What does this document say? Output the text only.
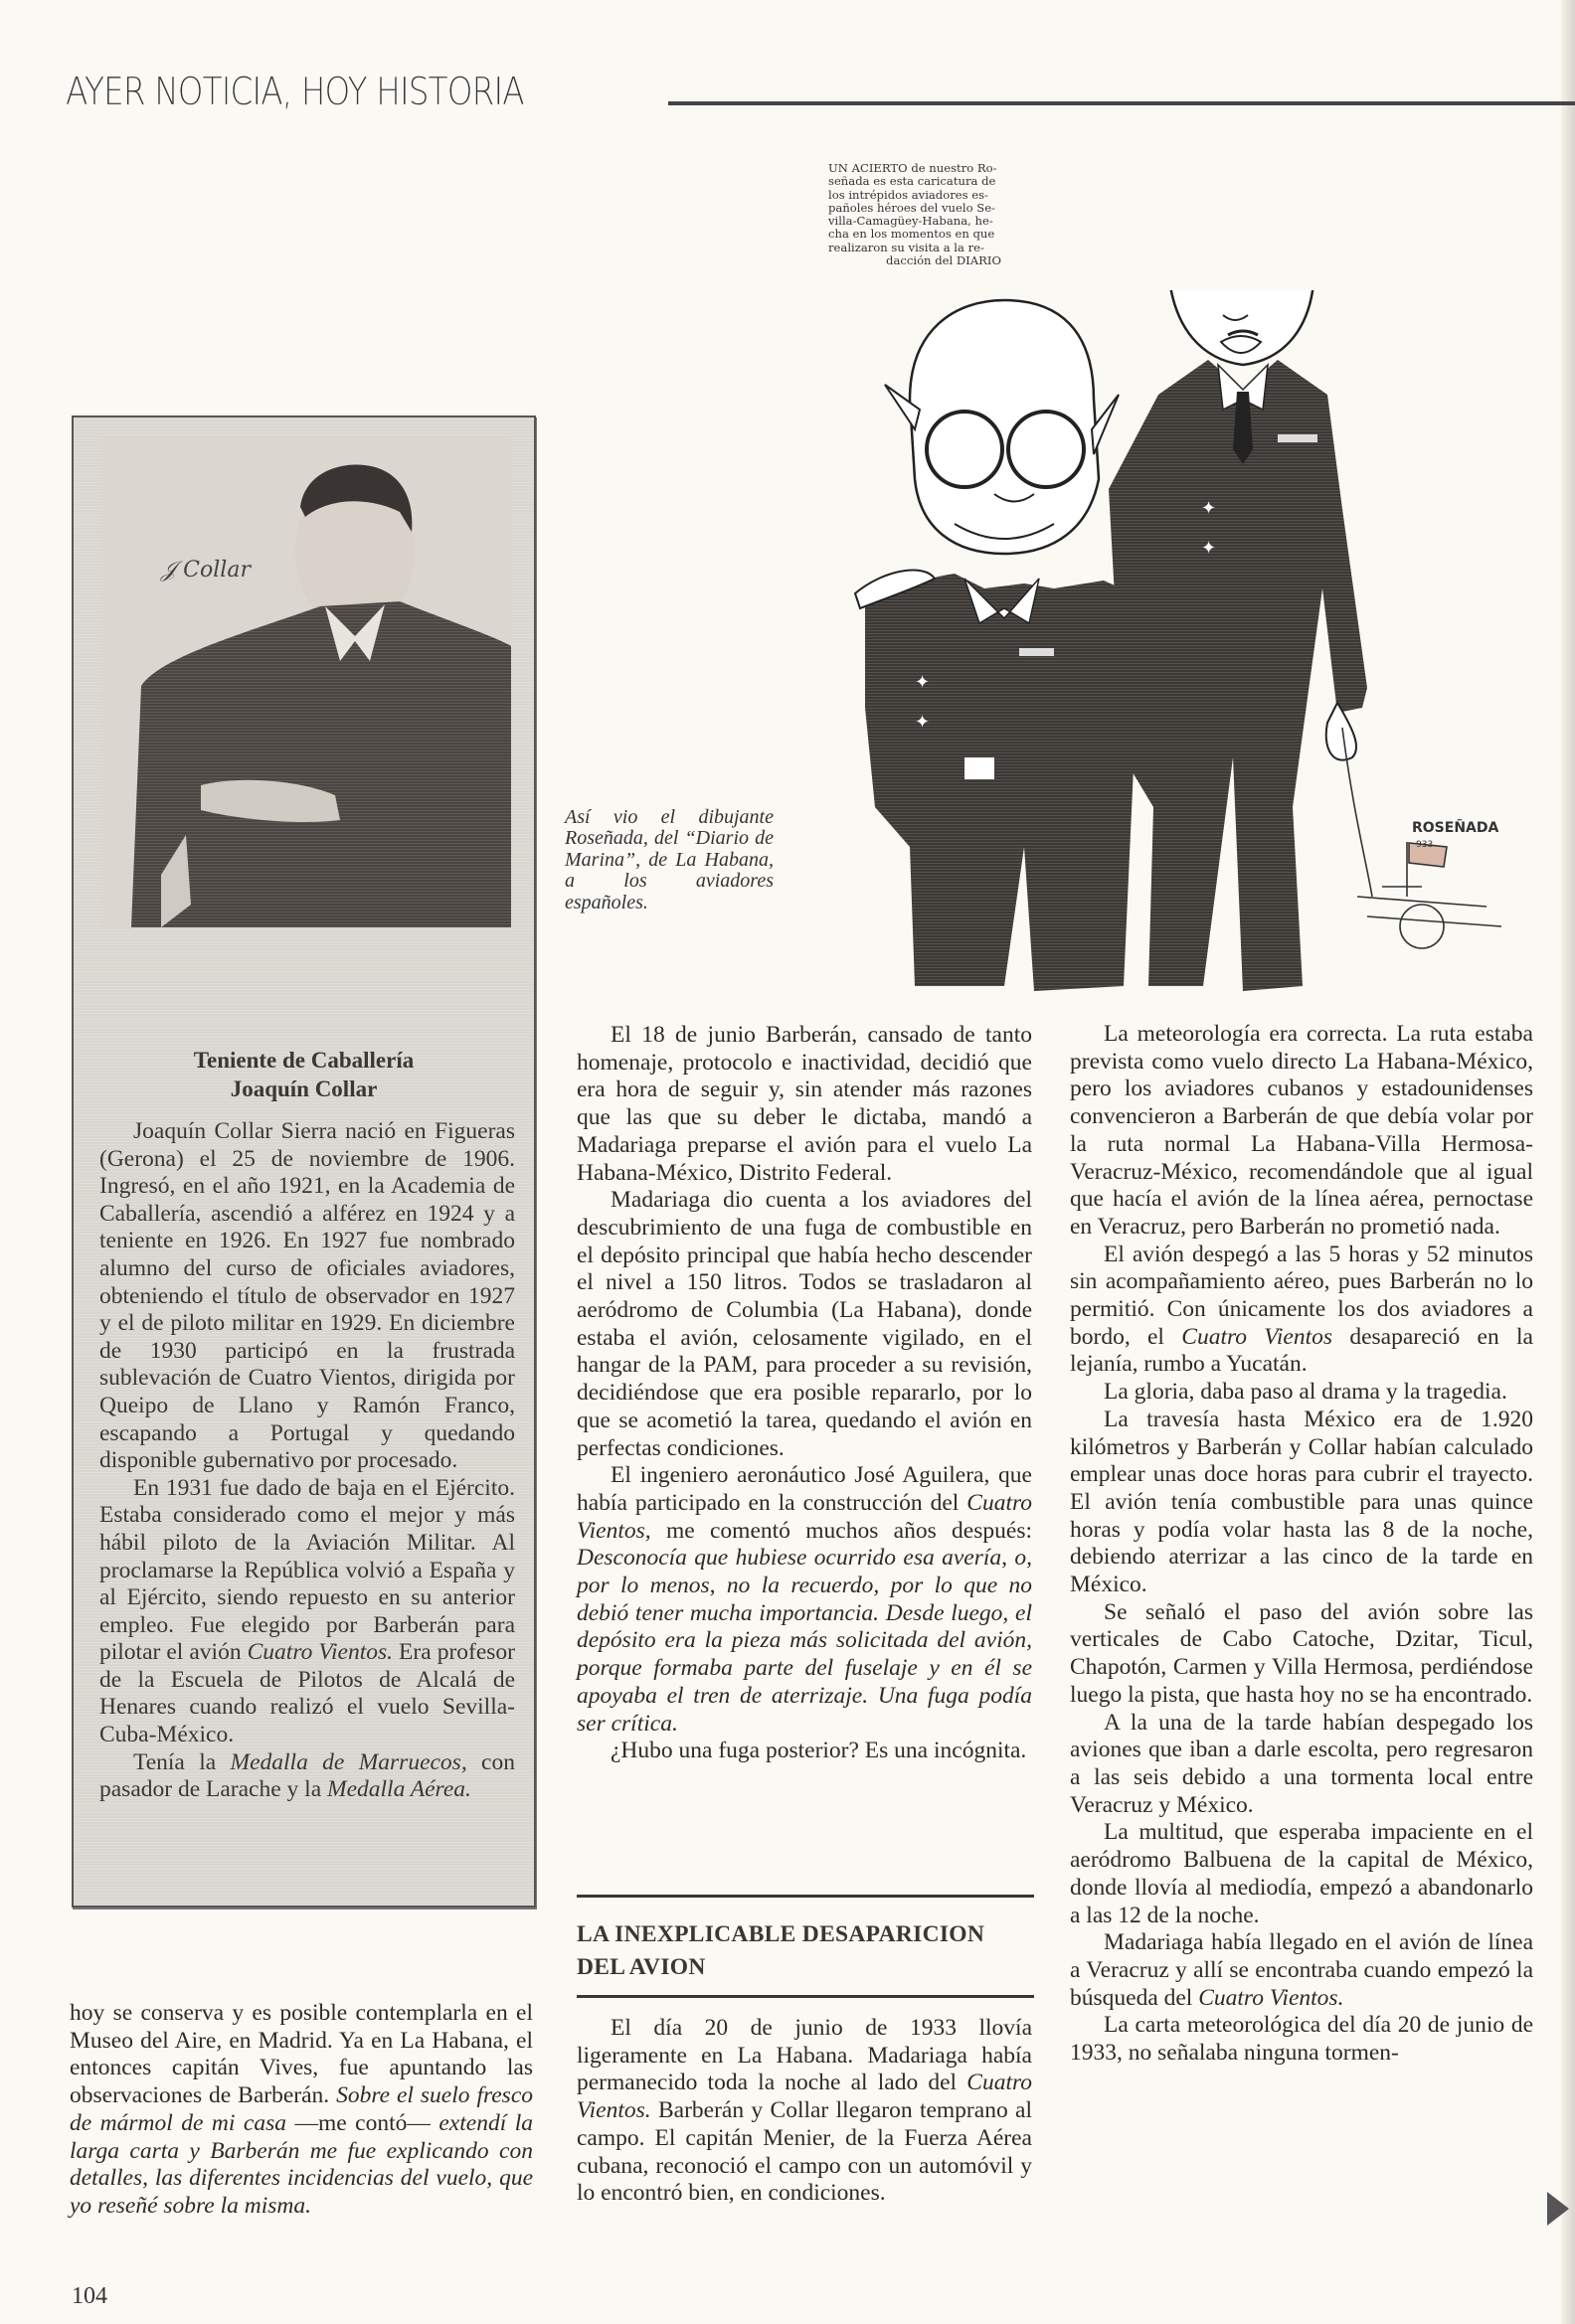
AYER NOTICIA, HOY HISTORIA
UN ACIERTO de nuestro Ro-
señada es esta caricatura de
los intrépidos aviadores es-
pañoles héroes del vuelo Se-
villa-Camagüey-Habana, he-
cha en los momentos en que
realizaron su visita a la re-
dacción del DIARIO
✦
✦
✦
✦
ROSEÑADA
933
Así vio el dibujante Roseñada, del “Diario de Marina”, de La Habana, a los aviadores españoles.
𝒥 Collar
Teniente de Caballería
Joaquín Collar

Joaquín Collar Sierra nació en Figueras (Gerona) el 25 de noviembre de 1906. Ingresó, en el año 1921, en la Academia de Caballería, ascendió a alférez en 1924 y a teniente en 1926. En 1927 fue nombrado alumno del curso de oficiales aviadores, obteniendo el título de observador en 1927 y el de piloto militar en 1929. En diciembre de 1930 participó en la frustrada sublevación de Cuatro Vientos, dirigida por Queipo de Llano y Ramón Franco, escapando a Portugal y quedando disponible gubernativo por procesado.

En 1931 fue dado de baja en el Ejército. Estaba considerado como el mejor y más hábil piloto de la Aviación Militar. Al proclamarse la República volvió a España y al Ejército, siendo repuesto en su anterior empleo. Fue elegido por Barberán para pilotar el avión Cuatro Vientos. Era profesor de la Escuela de Pilotos de Alcalá de Henares cuando realizó el vuelo Sevilla-Cuba-México.

Tenía la Medalla de Marruecos, con pasador de Larache y la Medalla Aérea.

hoy se conserva y es posible contemplarla en el Museo del Aire, en Madrid. Ya en La Habana, el entonces capitán Vives, fue apuntando las observaciones de Barberán. Sobre el suelo fresco de mármol de mi casa —me contó— extendí la larga carta y Barberán me fue explicando con detalles, las diferentes incidencias del vuelo, que yo reseñé sobre la misma.

El 18 de junio Barberán, cansado de tanto homenaje, protocolo e inactividad, decidió que era hora de seguir y, sin atender más razones que las que su deber le dictaba, mandó a Madariaga preparse el avión para el vuelo La Habana-México, Distrito Federal.

Madariaga dio cuenta a los aviadores del descubrimiento de una fuga de combustible en el depósito principal que había hecho descender el nivel a 150 litros. Todos se trasladaron al aeródromo de Columbia (La Habana), donde estaba el avión, celosamente vigilado, en el hangar de la PAM, para proceder a su revisión, decidiéndose que era posible repararlo, por lo que se acometió la tarea, quedando el avión en perfectas condiciones.

El ingeniero aeronáutico José Aguilera, que había participado en la construcción del Cuatro Vientos, me comentó muchos años después: Desconocía que hubiese ocurrido esa avería, o, por lo menos, no la recuerdo, por lo que no debió tener mucha importancia. Desde luego, el depósito era la pieza más solicitada del avión, porque formaba parte del fuselaje y en él se apoyaba el tren de aterrizaje. Una fuga podía ser crítica.

¿Hubo una fuga posterior? Es una incógnita.

LA INEXPLICABLE DESAPARICION DEL AVION

El día 20 de junio de 1933 llovía ligeramente en La Habana. Madariaga había permanecido toda la noche al lado del Cuatro Vientos. Barberán y Collar llegaron temprano al campo. El capitán Menier, de la Fuerza Aérea cubana, reconoció el campo con un automóvil y lo encontró bien, en condiciones.

La meteorología era correcta. La ruta estaba prevista como vuelo directo La Habana-México, pero los aviadores cubanos y estadounidenses convencieron a Barberán de que debía volar por la ruta normal La Habana-Villa Hermosa-Veracruz-México, recomendándole que al igual que hacía el avión de la línea aérea, pernoctase en Veracruz, pero Barberán no prometió nada.

El avión despegó a las 5 horas y 52 minutos sin acompañamiento aéreo, pues Barberán no lo permitió. Con únicamente los dos aviadores a bordo, el Cuatro Vientos desapareció en la lejanía, rumbo a Yucatán.

La gloria, daba paso al drama y la tragedia.

La travesía hasta México era de 1.920 kilómetros y Barberán y Collar habían calculado emplear unas doce horas para cubrir el trayecto. El avión tenía combustible para unas quince horas y podía volar hasta las 8 de la noche, debiendo aterrizar a las cinco de la tarde en México.

Se señaló el paso del avión sobre las verticales de Cabo Catoche, Dzitar, Ticul, Chapotón, Carmen y Villa Hermosa, perdiéndose luego la pista, que hasta hoy no se ha encontrado.

A la una de la tarde habían despegado los aviones que iban a darle escolta, pero regresaron a las seis debido a una tormenta local entre Veracruz y México.

La multitud, que esperaba impaciente en el aeródromo Balbuena de la capital de México, donde llovía al mediodía, empezó a abandonarlo a las 12 de la noche.

Madariaga había llegado en el avión de línea a Veracruz y allí se encontraba cuando empezó la búsqueda del Cuatro Vientos.

La carta meteorológica del día 20 de junio de 1933, no señalaba ninguna tormen-

104
